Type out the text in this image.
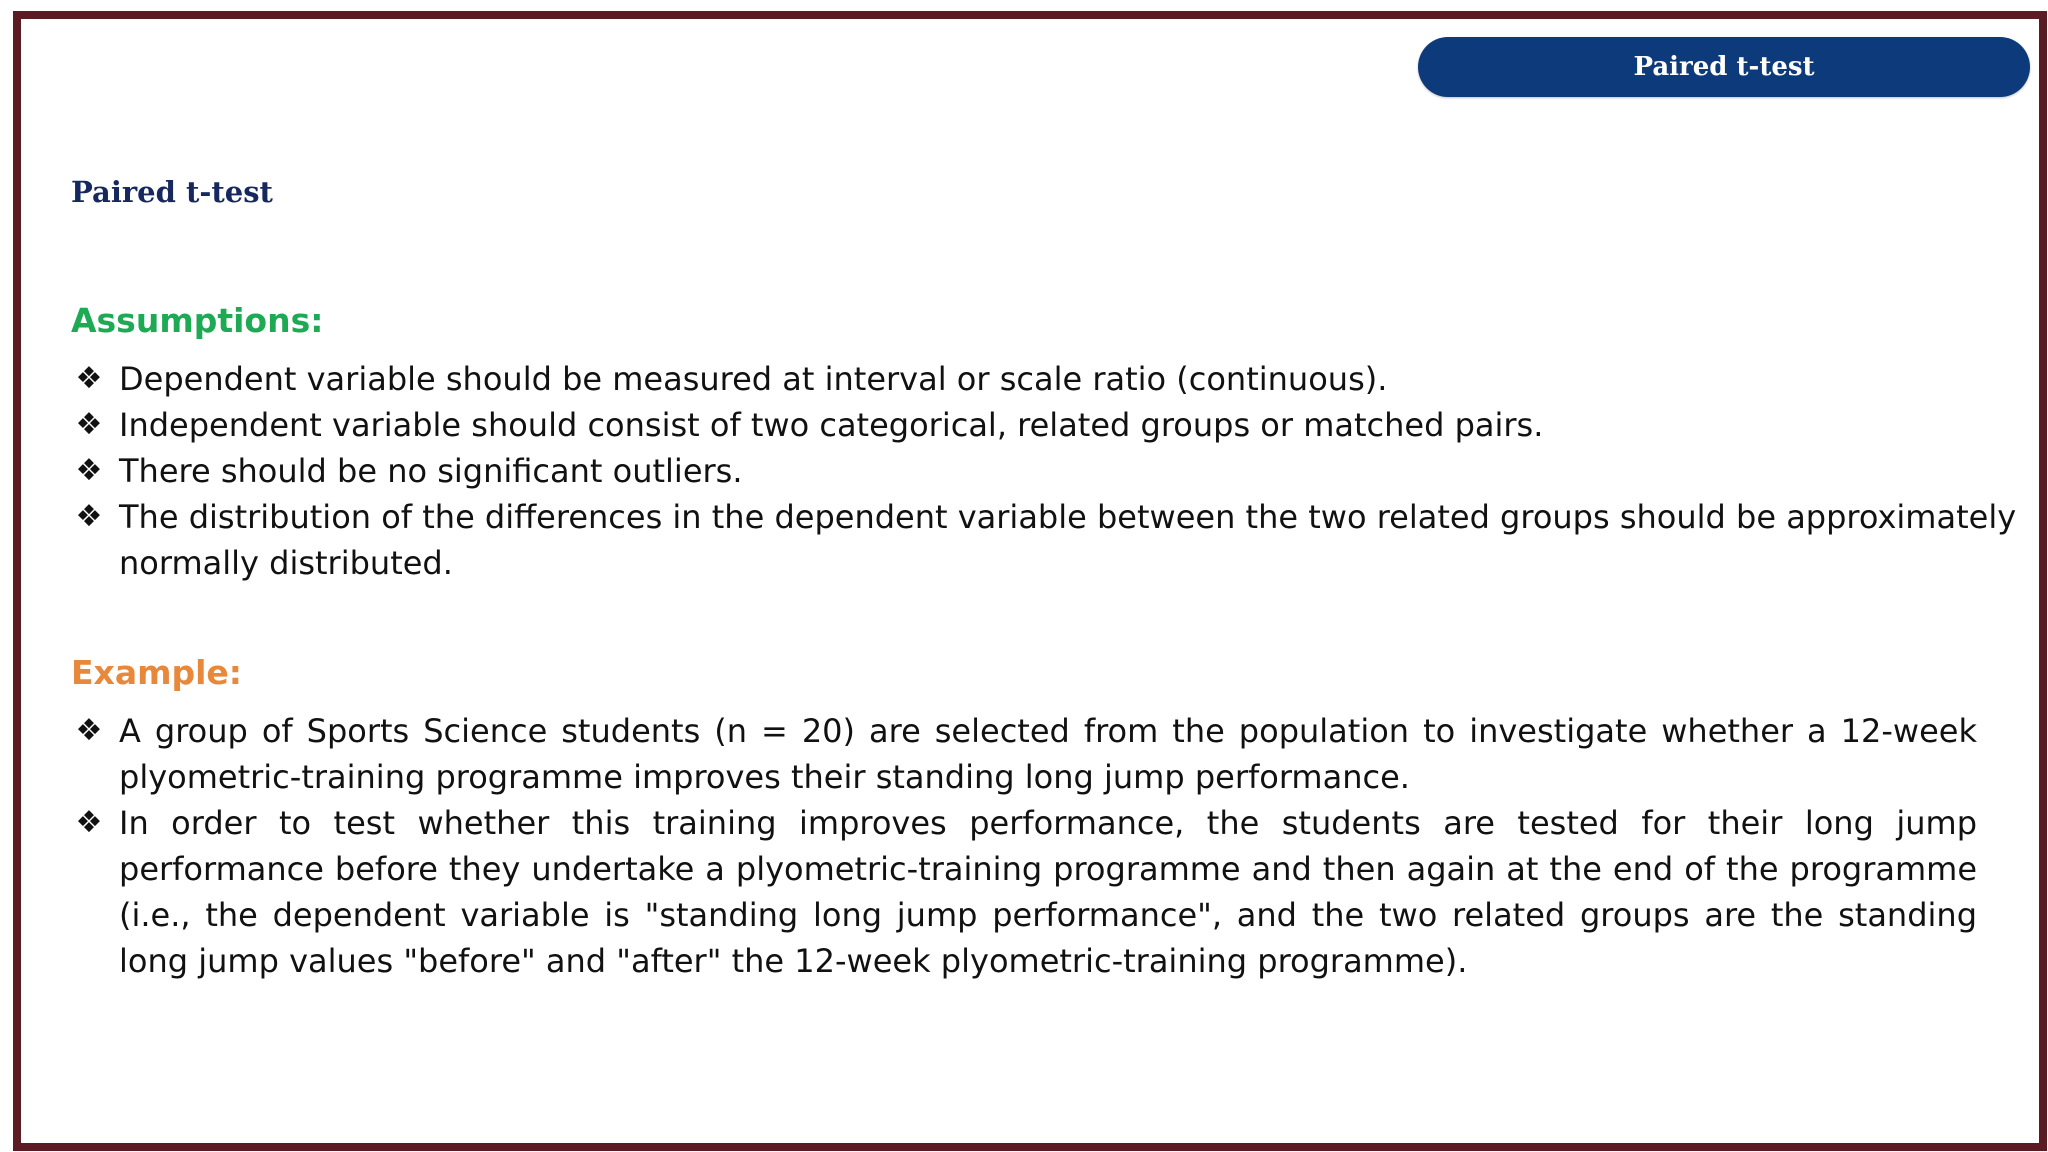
Paired t-test
Paired t-test
Assumptions:
❖ Dependent variable should be measured at interval or scale ratio (continuous).
❖ Independent variable should consist of two categorical, related groups or matched pairs.
❖ There should be no significant outliers.
❖ The distribution of the differences in the dependent variable between the two related groups should be approximately normally distributed.
Example:
❖ A group of Sports Science students (n = 20) are selected from the population to investigate whether a 12-week plyometric-training programme improves their standing long jump performance.
❖ In order to test whether this training improves performance, the students are tested for their long jump performance before they undertake a plyometric-training programme and then again at the end of the programme (i.e., the dependent variable is "standing long jump performance", and the two related groups are the standing long jump values "before" and "after" the 12-week plyometric-training programme).
